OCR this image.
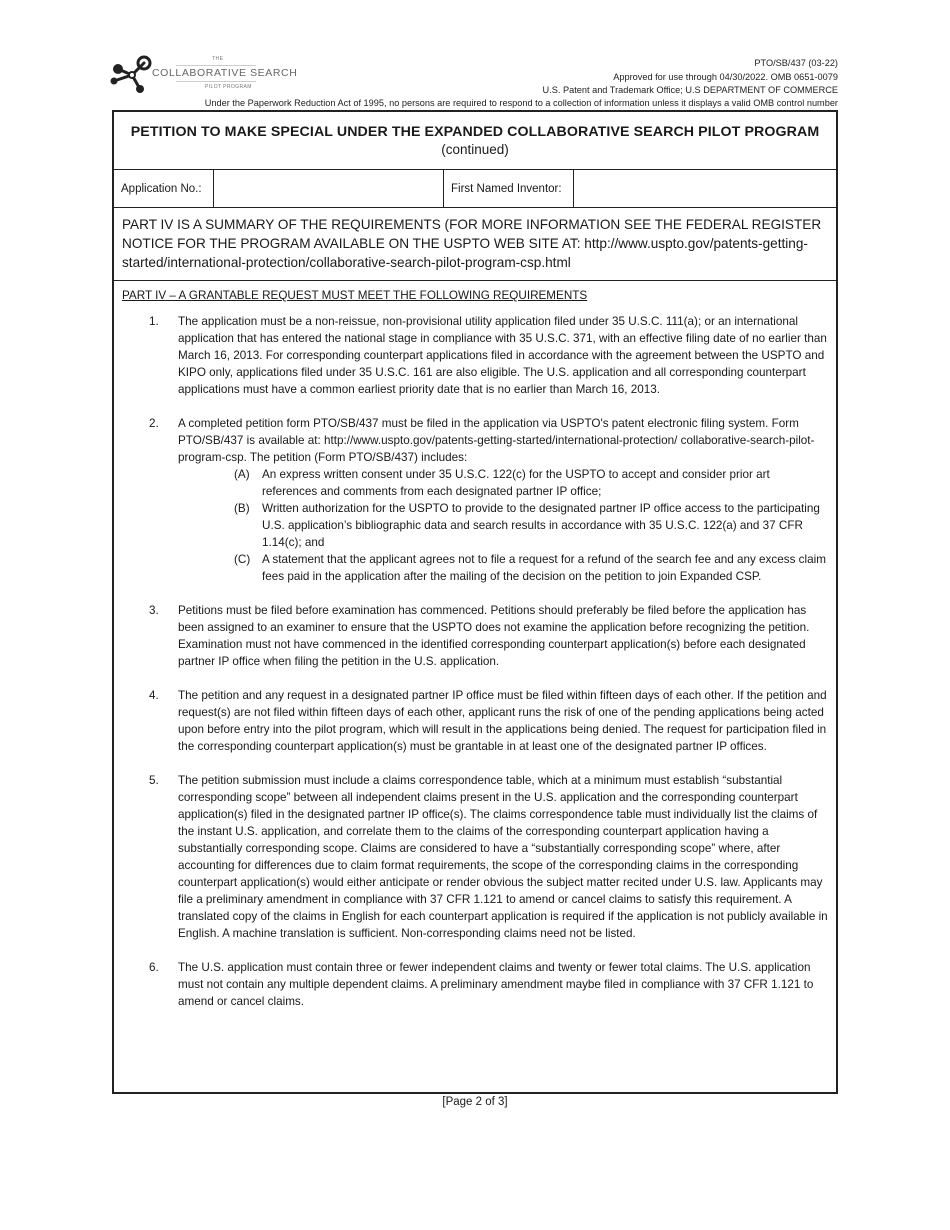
THE
COLLABORATIVE SEARCH
PILOT PROGRAM
PTO/SB/437 (03-22)
Approved for use through 04/30/2022. OMB 0651-0079
U.S. Patent and Trademark Office; U.S DEPARTMENT OF COMMERCE
Under the Paperwork Reduction Act of 1995, no persons are required to respond to a collection of information unless it displays a valid OMB control number
PETITION TO MAKE SPECIAL UNDER THE EXPANDED COLLABORATIVE SEARCH PILOT PROGRAM
(continued)
Application No.:	First Named Inventor:
PART IV IS A SUMMARY OF THE REQUIREMENTS (FOR MORE INFORMATION SEE THE FEDERAL REGISTER NOTICE FOR THE PROGRAM AVAILABLE ON THE USPTO WEB SITE AT: http://www.uspto.gov/patents-getting-started/international-protection/collaborative-search-pilot-program-csp.html
PART IV – A GRANTABLE REQUEST MUST MEET THE FOLLOWING REQUIREMENTS
1.	The application must be a non-reissue, non-provisional utility application filed under 35 U.S.C. 111(a); or an international application that has entered the national stage in compliance with 35 U.S.C. 371, with an effective filing date of no earlier than March 16, 2013. For corresponding counterpart applications filed in accordance with the agreement between the USPTO and KIPO only, applications filed under 35 U.S.C. 161 are also eligible. The U.S. application and all corresponding counterpart applications must have a common earliest priority date that is no earlier than March 16, 2013.
2.	A completed petition form PTO/SB/437 must be filed in the application via USPTO's patent electronic filing system. Form PTO/SB/437 is available at: http://www.uspto.gov/patents-getting-started/international-protection/ collaborative-search-pilot-program-csp. The petition (Form PTO/SB/437) includes:
(A)	An express written consent under 35 U.S.C. 122(c) for the USPTO to accept and consider prior art references and comments from each designated partner IP office;
(B)	Written authorization for the USPTO to provide to the designated partner IP office access to the participating U.S. application’s bibliographic data and search results in accordance with 35 U.S.C. 122(a) and 37 CFR 1.14(c); and
(C)	A statement that the applicant agrees not to file a request for a refund of the search fee and any excess claim fees paid in the application after the mailing of the decision on the petition to join Expanded CSP.
3.	Petitions must be filed before examination has commenced. Petitions should preferably be filed before the application has been assigned to an examiner to ensure that the USPTO does not examine the application before recognizing the petition. Examination must not have commenced in the identified corresponding counterpart application(s) before each designated partner IP office when filing the petition in the U.S. application.
4.	The petition and any request in a designated partner IP office must be filed within fifteen days of each other. If the petition and request(s) are not filed within fifteen days of each other, applicant runs the risk of one of the pending applications being acted upon before entry into the pilot program, which will result in the applications being denied. The request for participation filed in the corresponding counterpart application(s) must be grantable in at least one of the designated partner IP offices.
5.	The petition submission must include a claims correspondence table, which at a minimum must establish “substantial corresponding scope” between all independent claims present in the U.S. application and the corresponding counterpart application(s) filed in the designated partner IP office(s). The claims correspondence table must individually list the claims of the instant U.S. application, and correlate them to the claims of the corresponding counterpart application having a substantially corresponding scope. Claims are considered to have a “substantially corresponding scope” where, after accounting for differences due to claim format requirements, the scope of the corresponding claims in the corresponding counterpart application(s) would either anticipate or render obvious the subject matter recited under U.S. law. Applicants may file a preliminary amendment in compliance with 37 CFR 1.121 to amend or cancel claims to satisfy this requirement. A translated copy of the claims in English for each counterpart application is required if the application is not publicly available in English. A machine translation is sufficient. Non-corresponding claims need not be listed.
6.	The U.S. application must contain three or fewer independent claims and twenty or fewer total claims. The U.S. application must not contain any multiple dependent claims. A preliminary amendment maybe filed in compliance with 37 CFR 1.121 to amend or cancel claims.
[Page 2 of 3]
